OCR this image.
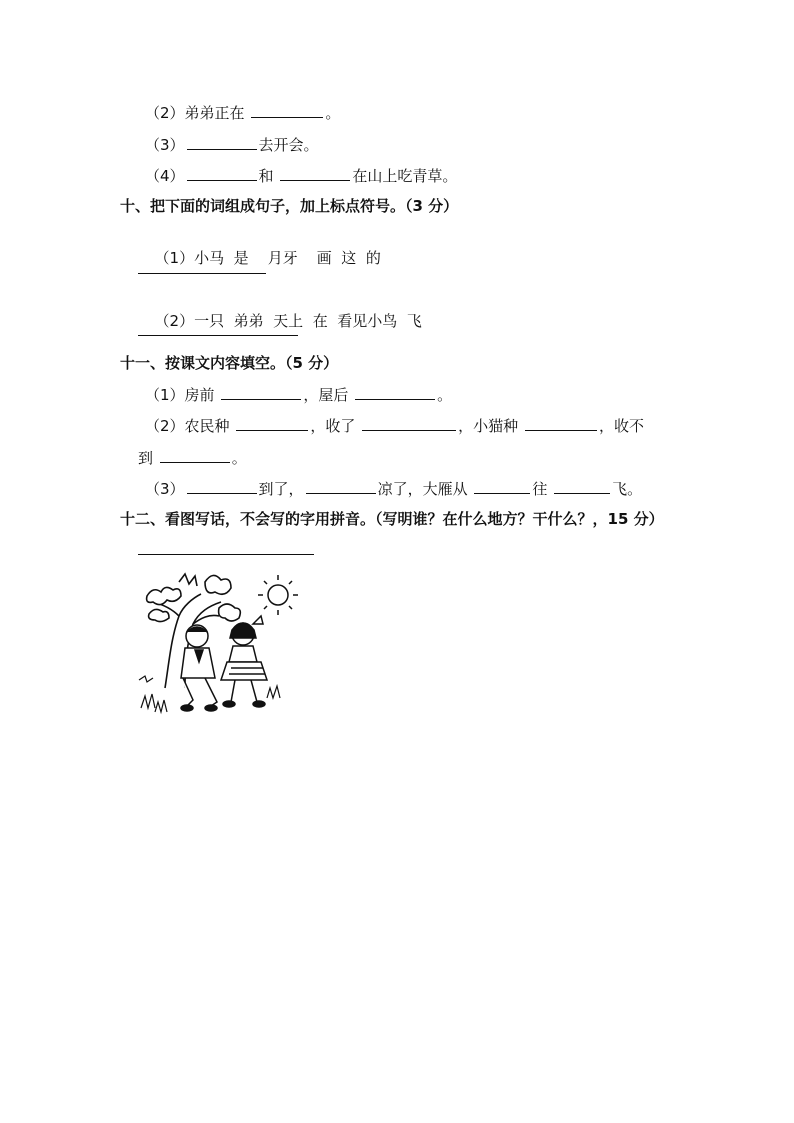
（2）弟弟正在	。
（3）	去开会。
（4）	和	在山上吃青草。
十、把下面的词组成句子，加上标点符号。（3 分）

（1）小马  是    月牙    画  这  的

（2）一只  弟弟  天上  在  看见小鸟  飞

十一、按课文内容填空。（5 分）
（1）房前	，屋后	。
（2）农民种	，收了	，小猫种	，收不
到	。
（3）	到了，	凉了，大雁从	往	飞。
十二、看图写话，不会写的字用拼音。（写明谁？在什么地方？干什么？，15 分）
